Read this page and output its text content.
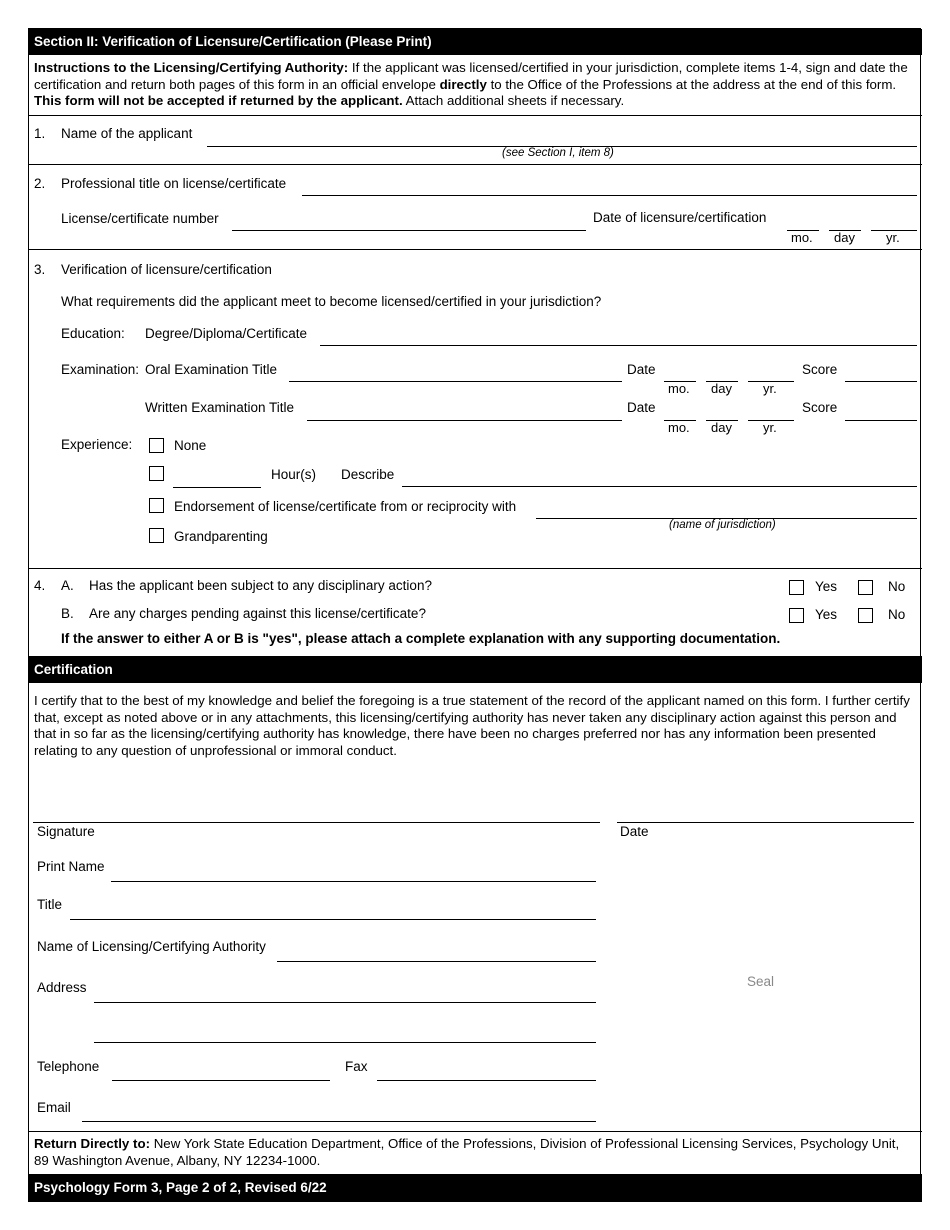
Section II: Verification of Licensure/Certification (Please Print)
Instructions to the Licensing/Certifying Authority: If the applicant was licensed/certified in your jurisdiction, complete items 1-4, sign and date the certification and return both pages of this form in an official envelope directly to the Office of the Professions at the address at the end of this form. This form will not be accepted if returned by the applicant. Attach additional sheets if necessary.
1. Name of the applicant
(see Section I, item 8)
2. Professional title on license/certificate
License/certificate number	Date of licensure/certification
mo. day yr.
3. Verification of licensure/certification
What requirements did the applicant meet to become licensed/certified in your jurisdiction?
Education: Degree/Diploma/Certificate
Examination: Oral Examination Title	Date
mo. day yr.
Score
Written Examination Title	Date
mo. day yr.
Score
Experience:	None
Hour(s) Describe
Endorsement of license/certificate from or reciprocity with
(name of jurisdiction)
Grandparenting
4. A. Has the applicant been subject to any disciplinary action?	Yes	No
B. Are any charges pending against this license/certificate?	Yes	No
If the answer to either A or B is "yes", please attach a complete explanation with any supporting documentation.
Certification
I certify that to the best of my knowledge and belief the foregoing is a true statement of the record of the applicant named on this form. I further certify that, except as noted above or in any attachments, this licensing/certifying authority has never taken any disciplinary action against this person and that in so far as the licensing/certifying authority has knowledge, there have been no charges preferred nor has any information been presented relating to any question of unprofessional or immoral conduct.
Signature	Date
Print Name
Title
Name of Licensing/Certifying Authority
Address	Seal
Telephone	Fax
Email
Return Directly to: New York State Education Department, Office of the Professions, Division of Professional Licensing Services, Psychology Unit, 89 Washington Avenue, Albany, NY 12234-1000.
Psychology Form 3, Page 2 of 2, Revised 6/22
